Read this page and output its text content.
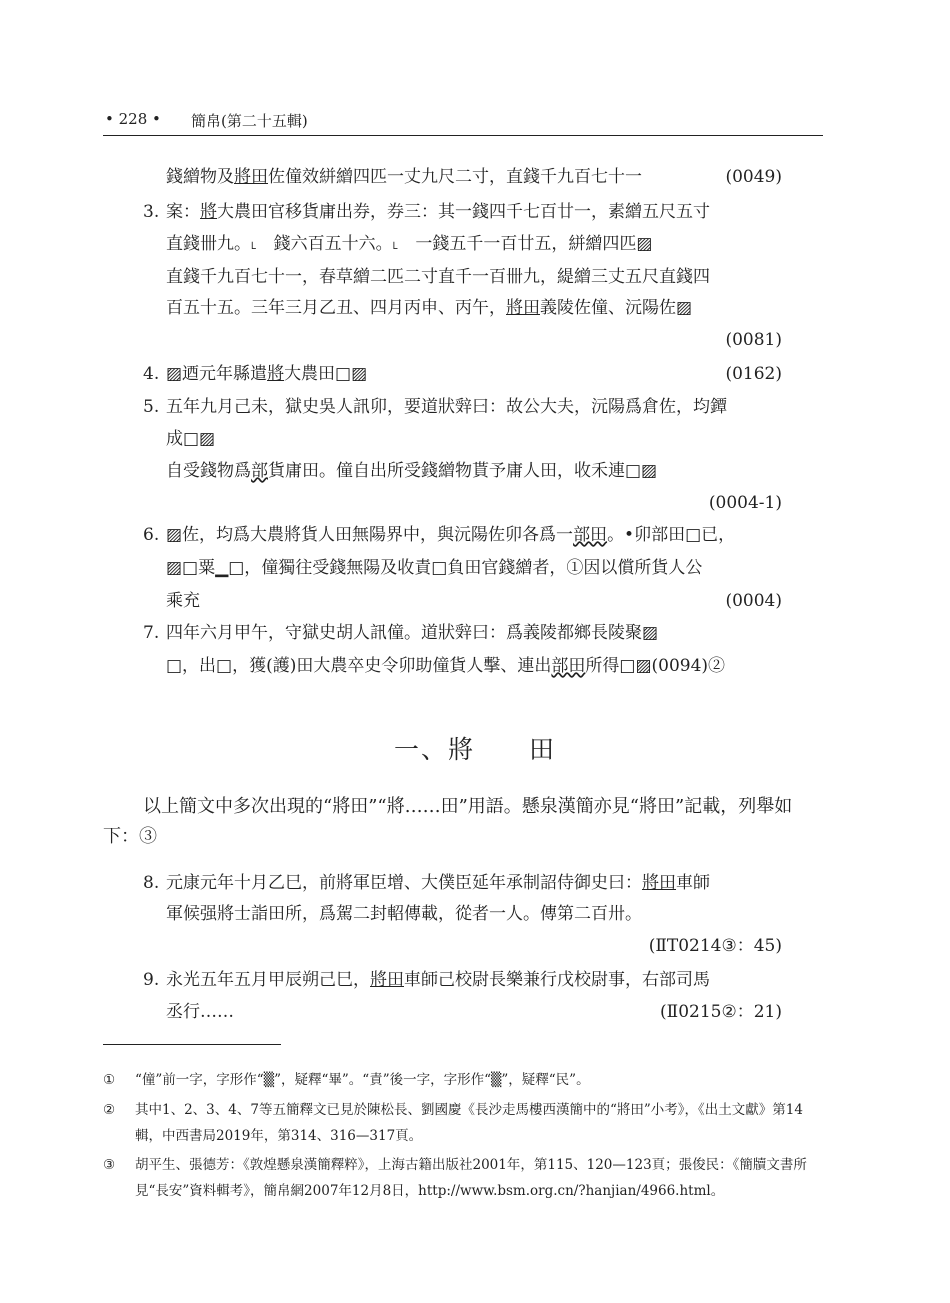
• 228 • 簡帛(第二十五輯)
錢繒物及將田佐僮效絣繒四匹一丈九尺二寸，直錢千九百七十一	(0049)
3. 案：將大農田官移貨庸出券，券三：其一錢四千七百廿一，素繒五尺五寸
直錢卌九。˪　錢六百五十六。˪　一錢五千一百廿五，絣繒四匹▨
直錢千九百七十一，春草繒二匹二寸直千一百卌九，緹繒三丈五尺直錢四
百五十五。三年三月乙丑、四月丙申、丙午，將田義陵佐僮、沅陽佐▨
(0081)
4. ▨迺元年縣遣將大農田□▨	(0162)
5. 五年九月己未，獄史吳人訊卯，要道狀辤曰：故公大夫，沅陽爲倉佐，均鐔
成□▨
自受錢物爲部貨庸田。僮自出所受錢繒物貰予庸人田，收禾連□▨
(0004-1)
6. ▨佐，均爲大農將貨人田無陽界中，與沅陽佐卯各爲一部田。•卯部田□已，
▨□粟▁□，僮獨往受錢無陽及收責□負田官錢繒者，①因以償所貨人公
乘充	(0004)
7. 四年六月甲午，守獄史胡人訊僮。道狀辤曰：爲義陵都鄉長陵聚▨
□，出□，獲(護)田大農卒史令卯助僮貨人擊、連出部田所得□▨(0094)②
一、將　　田
以上簡文中多次出現的“將田”“將……田”用語。懸泉漢簡亦見“將田”記載，列舉如下：③
8. 元康元年十月乙巳，前將軍臣增、大僕臣延年承制詔侍御史曰：將田車師
軍候强將士詣田所，爲駕二封軺傳載，從者一人。傳第二百卅。
(ⅡT0214③：45)
9. 永光五年五月甲辰朔己巳，將田車師己校尉長樂兼行戊校尉事，右部司馬
丞行……	(Ⅱ0215②：21)
① “僮”前一字，字形作“▒”，疑釋“畢”。“責”後一字，字形作“▒”，疑釋“民”。
② 其中1、2、3、4、7等五簡釋文已見於陳松長、劉國慶《長沙走馬樓西漢簡中的“將田”小考》，《出土文獻》第14輯，中西書局2019年，第314、316—317頁。
③ 胡平生、張德芳：《敦煌懸泉漢簡釋粹》，上海古籍出版社2001年，第115、120—123頁；張俊民：《簡牘文書所見“長安”資料輯考》，簡帛網2007年12月8日，http://www.bsm.org.cn/?hanjian/4966.html。
